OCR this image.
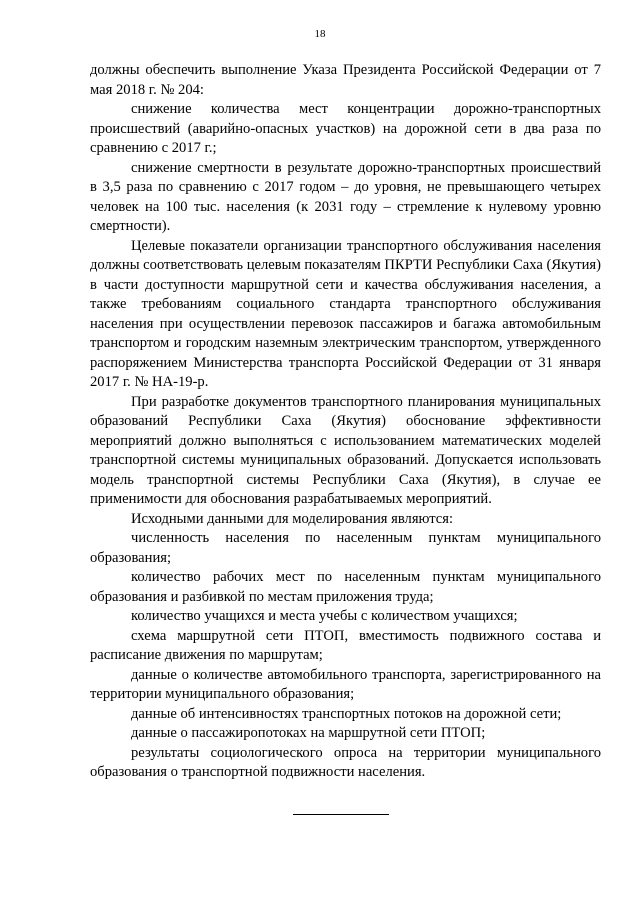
18

должны обеспечить выполнение Указа Президента Российской Федерации от 7 мая 2018 г. № 204:

снижение количества мест концентрации дорожно-транспортных происшествий (аварийно-опасных участков) на дорожной сети в два раза по сравнению с 2017 г.;

снижение смертности в результате дорожно-транспортных происшествий в 3,5 раза по сравнению с 2017 годом – до уровня, не превышающего четырех человек на 100 тыс. населения (к 2031 году – стремление к нулевому уровню смертности).

Целевые показатели организации транспортного обслуживания населения должны соответствовать целевым показателям ПКРТИ Республики Саха (Якутия) в части доступности маршрутной сети и качества обслуживания населения, а также требованиям социального стандарта транспортного обслуживания населения при осуществлении перевозок пассажиров и багажа автомобильным транспортом и городским наземным электрическим транспортом, утвержденного распоряжением Министерства транспорта Российской Федерации от 31 января 2017 г. № НА-19-р.

При разработке документов транспортного планирования муниципальных образований Республики Саха (Якутия) обоснование эффективности мероприятий должно выполняться с использованием математических моделей транспортной системы муниципальных образований. Допускается использовать модель транспортной системы Республики Саха (Якутия), в случае ее применимости для обоснования разрабатываемых мероприятий.

Исходными данными для моделирования являются:

численность населения по населенным пунктам муниципального образования;

количество рабочих мест по населенным пунктам муниципального образования и разбивкой по местам приложения труда;

количество учащихся и места учебы с количеством учащихся;

схема маршрутной сети ПТОП, вместимость подвижного состава и расписание движения по маршрутам;

данные о количестве автомобильного транспорта, зарегистрированного на территории муниципального образования;

данные об интенсивностях транспортных потоков на дорожной сети;

данные о пассажиропотоках на маршрутной сети ПТОП;

результаты социологического опроса на территории муниципального образования о транспортной подвижности населения.
